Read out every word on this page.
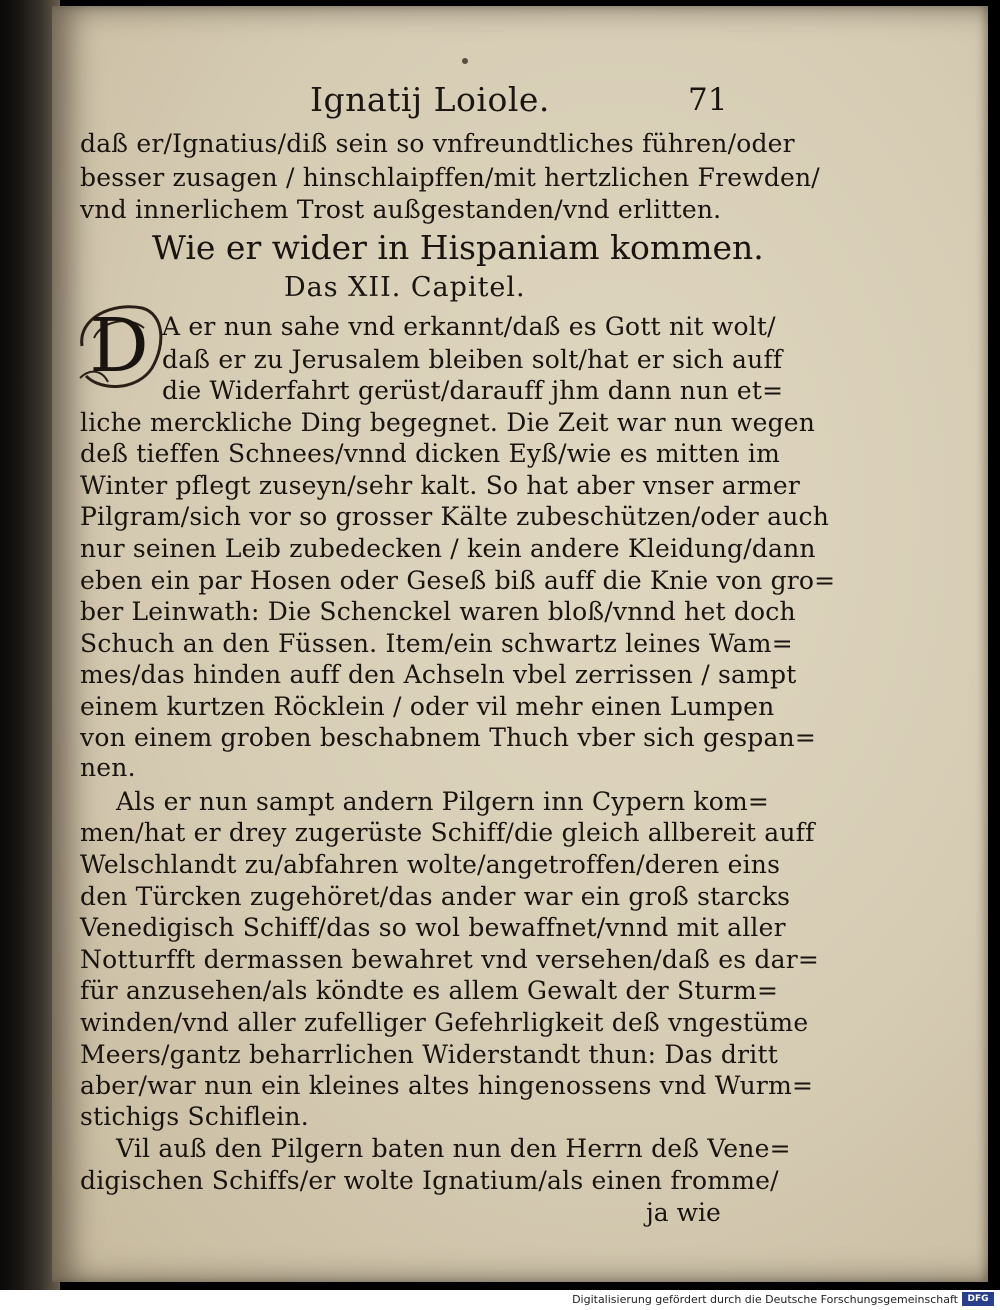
Ignatij Loiole.	71
daß er/Ignatius/diß sein so vnfreundtliches führen/oder
besser zusagen / hinschlaipffen/mit hertzlichen Frewden/
vnd innerlichem Trost außgestanden/vnd erlitten.
Wie er wider in Hispaniam kommen.
Das XII. Capitel.
D A er nun sahe vnd erkannt/daß es Gott nit wolt/
daß er zu Jerusalem bleiben solt/hat er sich auff
die Widerfahrt gerüst/darauff jhm dann nun et=
liche merckliche Ding begegnet. Die Zeit war nun wegen
deß tieffen Schnees/vnnd dicken Eyß/wie es mitten im
Winter pflegt zuseyn/sehr kalt. So hat aber vnser armer
Pilgram/sich vor so grosser Kälte zubeschützen/oder auch
nur seinen Leib zubedecken / kein andere Kleidung/dann
eben ein par Hosen oder Geseß biß auff die Knie von gro=
ber Leinwath: Die Schenckel waren bloß/vnnd het doch
Schuch an den Füssen. Item/ein schwartz leines Wam=
mes/das hinden auff den Achseln vbel zerrissen / sampt
einem kurtzen Röcklein / oder vil mehr einen Lumpen
von einem groben beschabnem Thuch vber sich gespan=
nen.
Als er nun sampt andern Pilgern inn Cypern kom=
men/hat er drey zugerüste Schiff/die gleich allbereit auff
Welschlandt zu/abfahren wolte/angetroffen/deren eins
den Türcken zugehöret/das ander war ein groß starcks
Venedigisch Schiff/das so wol bewaffnet/vnnd mit aller
Notturfft dermassen bewahret vnd versehen/daß es dar=
für anzusehen/als köndte es allem Gewalt der Sturm=
winden/vnd aller zufelliger Gefehrligkeit deß vngestüme
Meers/gantz beharrlichen Widerstandt thun: Das dritt
aber/war nun ein kleines altes hingenossens vnd Wurm=
stichigs Schiflein.
Vil auß den Pilgern baten nun den Herrn deß Vene=
digischen Schiffs/er wolte Ignatium/als einen fromme/
ja wie
Digitalisierung gefördert durch die Deutsche Forschungsgemeinschaft	DFG
